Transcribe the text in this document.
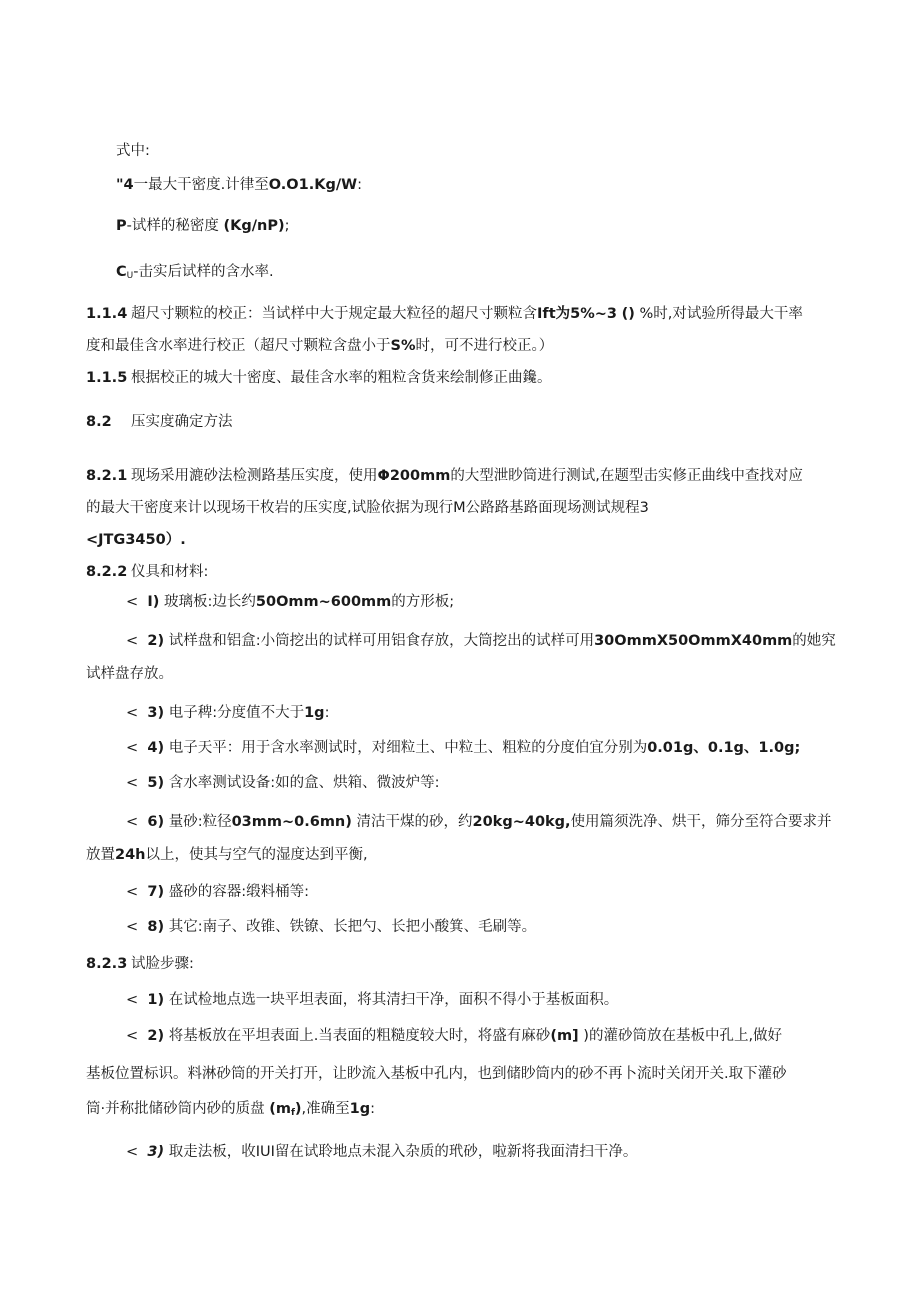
式中:
"4一最大干密度.计律至O.O1.Kg/W:
P-试样的秘密度 (Kg/nP);
$C_U-$击实后试样的含水率.
1.1.4 超尺寸颗粒的校正：当试样中大于规定最大粒径的超尺寸颗粒含Ift为5%~3 () %时,对试验所得最大干率
度和最佳含水率进行校正（超尺寸颗粒含盘小于S%时，可不进行校正。）
1.1.5 根据校正的城大十密度、最佳含水率的粗粒含货来绘制修正曲鑱。
8.2 压实度确定方法
8.2.1 现场采用漉砂法检测路基压实度，使用Φ200mm的大型泄眇筒进行测试,在题型击实修正曲线中查找对应
的最大干密度来计以现场干枚岩的压实度,试脸依据为现行M公路路基路面现场测试规程3
<JTG3450）.
8.2.2 仪具和材料:
< I) 玻璃板:边长约50Omm~600mm的方形板;
< 2) 试样盘和铝盒:小筒挖出的试样可用铝食存放，大筒挖出的试样可用30OmmX50OmmX40mm的她究
试样盘存放。
< 3) 电子稗:分度值不大于1g:
< 4) 电子天平：用于含水率测试时，对细粒土、中粒土、粗粒的分度伯宜分别为0.01g、0.1g、1.0g;
< 5) 含水率测试设备:如的盒、烘箱、微波炉等:
< 6) 量砂:粒径03mm~0.6mn) 清沽干煤的砂，约20kg~40kg,使用篇须洗净、烘干，筛分至符合要求并
放置24h以上，使其与空气的湿度达到平衡,
< 7) 盛砂的容器:缎料桶等:
< 8) 其它:南子、改锥、铁镣、长把勺、长把小酸箕、毛刷等。
8.2.3 试脸步骤:
< 1) 在试检地点选一块平坦表面，将其清扫干净，面积不得小于基板面积。
< 2) 将基板放在平坦表面上.当表面的粗糙度较大时，将盛有麻砂(m] )的灌砂筒放在基板中孔上,做好
基板位置标识。料淋砂筒的开关打开，让眇流入基板中孔内，也到储眇筒内的砂不再卜流时关闭开关.取下灌砂
筒·并称批储砂筒内砂的质盘 $(m_f)$,准确至1g:
< 3) 取走法板，收IUI留在试聆地点未混入杂质的玳砂，啦新将我面清扫干净。
